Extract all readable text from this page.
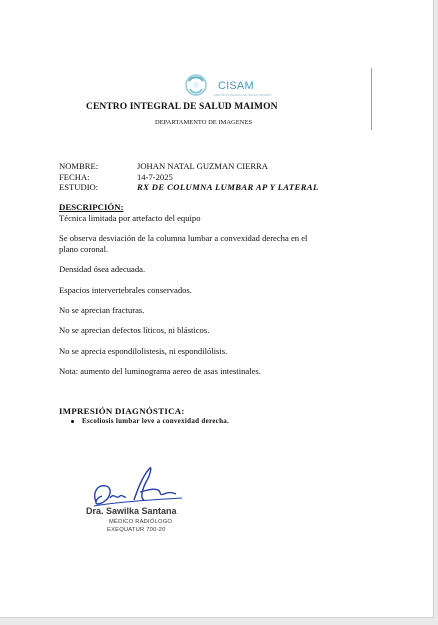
CISAM
CENTRO INTEGRAL DE SALUD MAIMON
CENTRO INTEGRAL DE SALUD MAIMON
DEPARTAMENTO DE IMAGENES
NOMBRE:	JOHAN NATAL GUZMAN CIERRA
FECHA:	14-7-2025
ESTUDIO:	RX DE COLUMNA LUMBAR AP Y LATERAL
DESCRIPCIÓN:

Técnica limitada por artefacto del equipo

Se observa desviación de la columna lumbar a convexidad derecha en el

plano coronal.

Densidad ósea adecuada.

Espacios intervertebrales conservados.

No se aprecian fracturas.

No se aprecian defectos líticos, ni blásticos.

No se aprecia espondilolistesis, ni espondilólisis.

Nota: aumento del luminograma aereo de asas intestinales.

IMPRESIÓN DIAGNÓSTICA:
Escoliosis lumbar leve a convexidad derecha.
Dra. Sawilka Santana
MÉDICO RADIÓLOGO
EXEQUATUR 700-20
